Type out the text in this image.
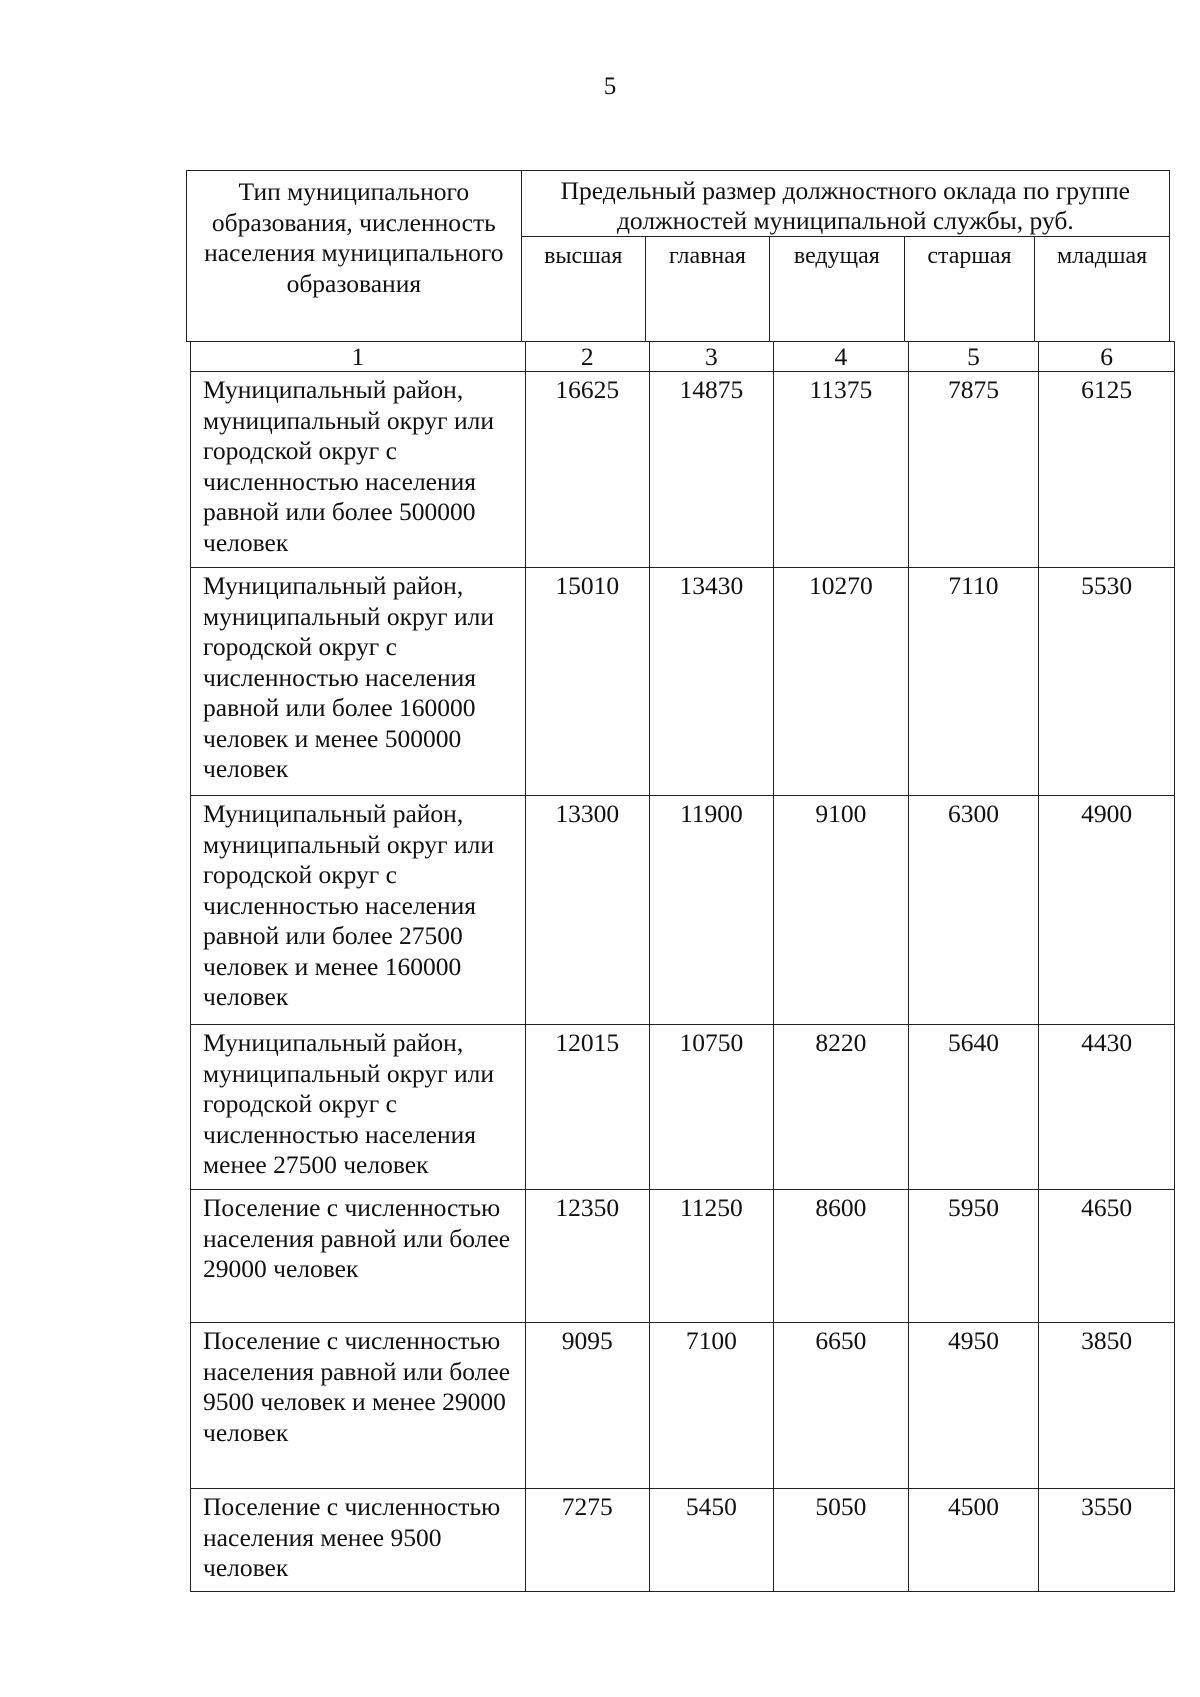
5
Тип муниципального образования, численность населения муниципального образования	Предельный размер должностного оклада по группе должностей муниципальной службы, руб.				
	высшая	главная	ведущая	старшая	младшая
1	2	3	4	5	6
Муниципальный район, муниципальный округ или городской округ с численностью населения равной или более 500000 человек	16625	14875	11375	7875	6125
Муниципальный район, муниципальный округ или городской округ с численностью населения равной или более 160000 человек и менее 500000 человек	15010	13430	10270	7110	5530
Муниципальный район, муниципальный округ или городской округ с численностью населения равной или более 27500 человек и менее 160000 человек	13300	11900	9100	6300	4900
Муниципальный район, муниципальный округ или городской округ с численностью населения менее 27500 человек	12015	10750	8220	5640	4430
Поселение с численностью населения равной или более 29000 человек	12350	11250	8600	5950	4650
Поселение с численностью населения равной или более 9500 человек и менее 29000 человек	9095	7100	6650	4950	3850
Поселение с численностью населения менее 9500 человек	7275	5450	5050	4500	3550
